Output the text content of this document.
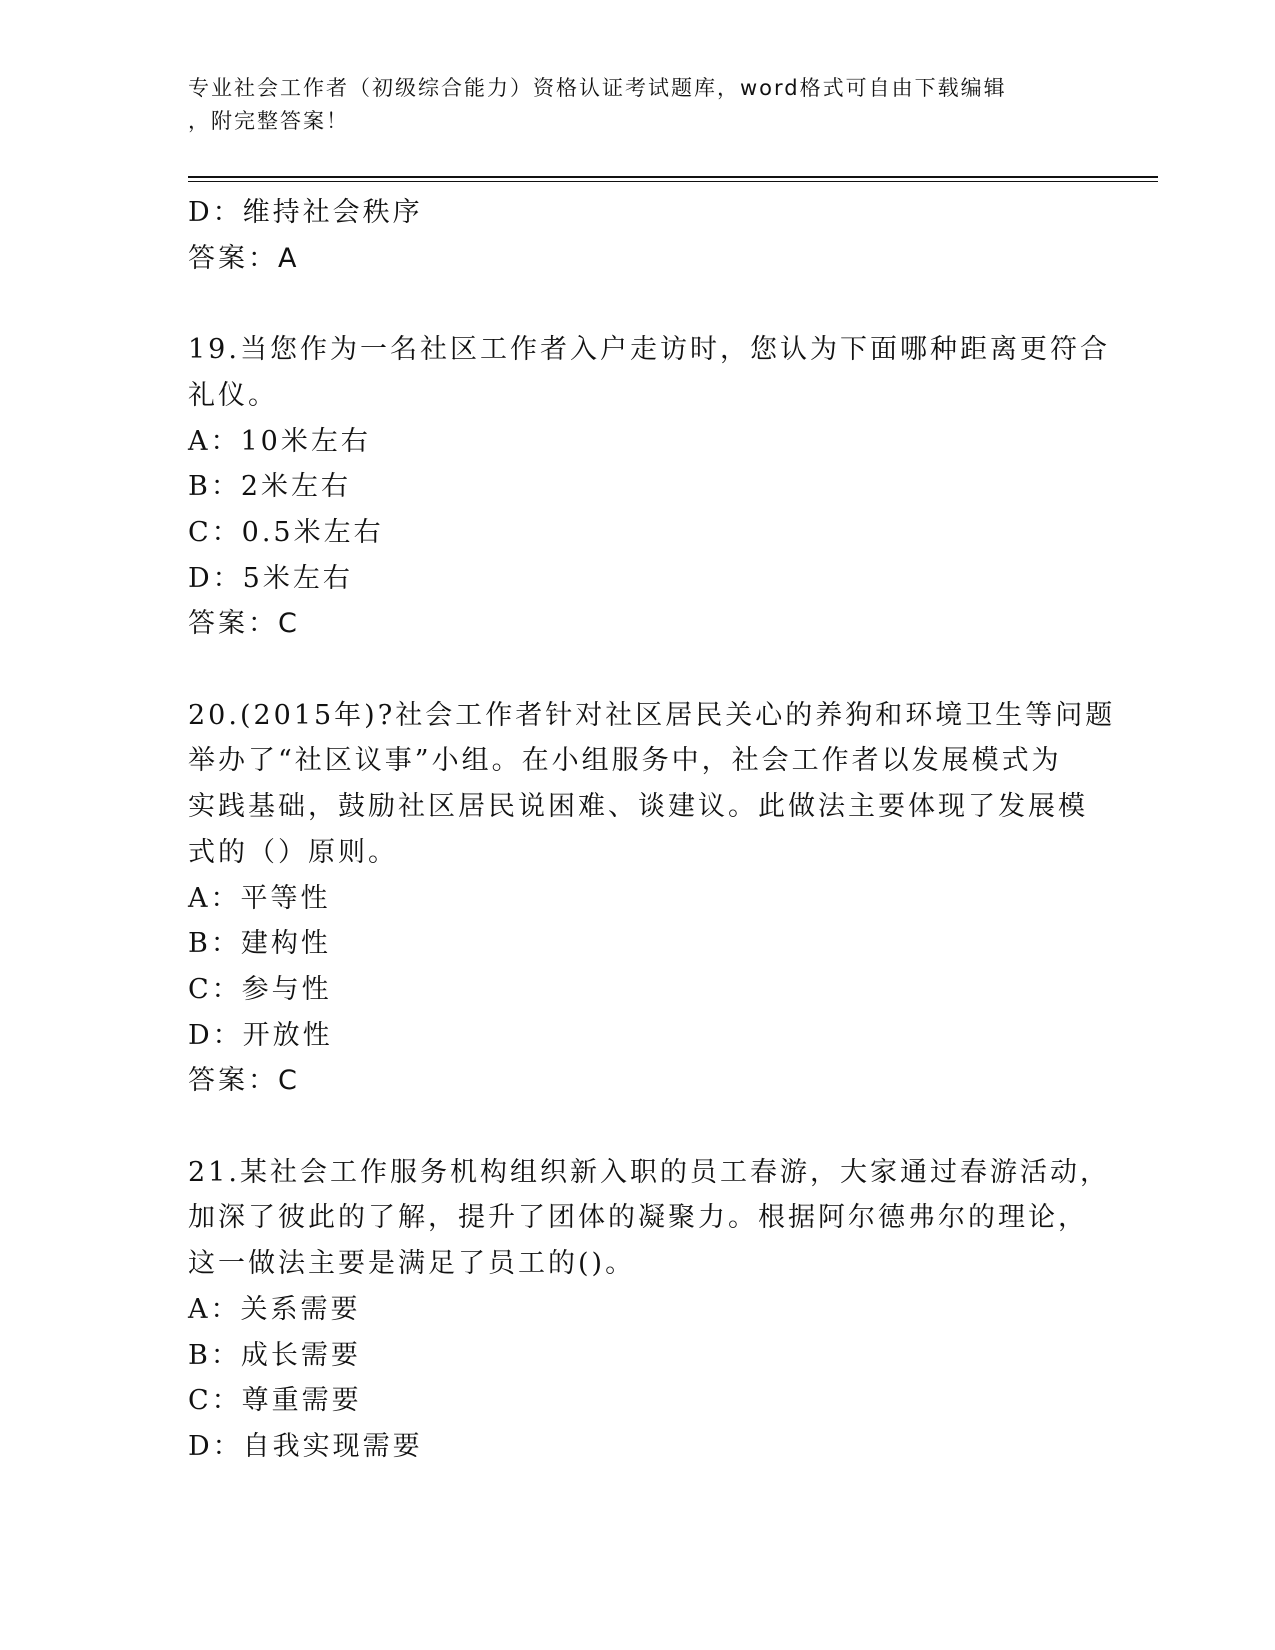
专业社会工作者（初级综合能力）资格认证考试题库，word格式可自由下载编辑
，附完整答案！
D：维持社会秩序
答案：A
19.当您作为一名社区工作者入户走访时，您认为下面哪种距离更符合
礼仪。
A：10米左右
B：2米左右
C：0.5米左右
D：5米左右
答案：C
20.(2015年)?社会工作者针对社区居民关心的养狗和环境卫生等问题
举办了“社区议事”小组。在小组服务中，社会工作者以发展模式为
实践基础，鼓励社区居民说困难、谈建议。此做法主要体现了发展模
式的（）原则。
A：平等性
B：建构性
C：参与性
D：开放性
答案：C
21.某社会工作服务机构组织新入职的员工春游，大家通过春游活动，
加深了彼此的了解，提升了团体的凝聚力。根据阿尔德弗尔的理论，
这一做法主要是满足了员工的()。
A：关系需要
B：成长需要
C：尊重需要
D：自我实现需要
